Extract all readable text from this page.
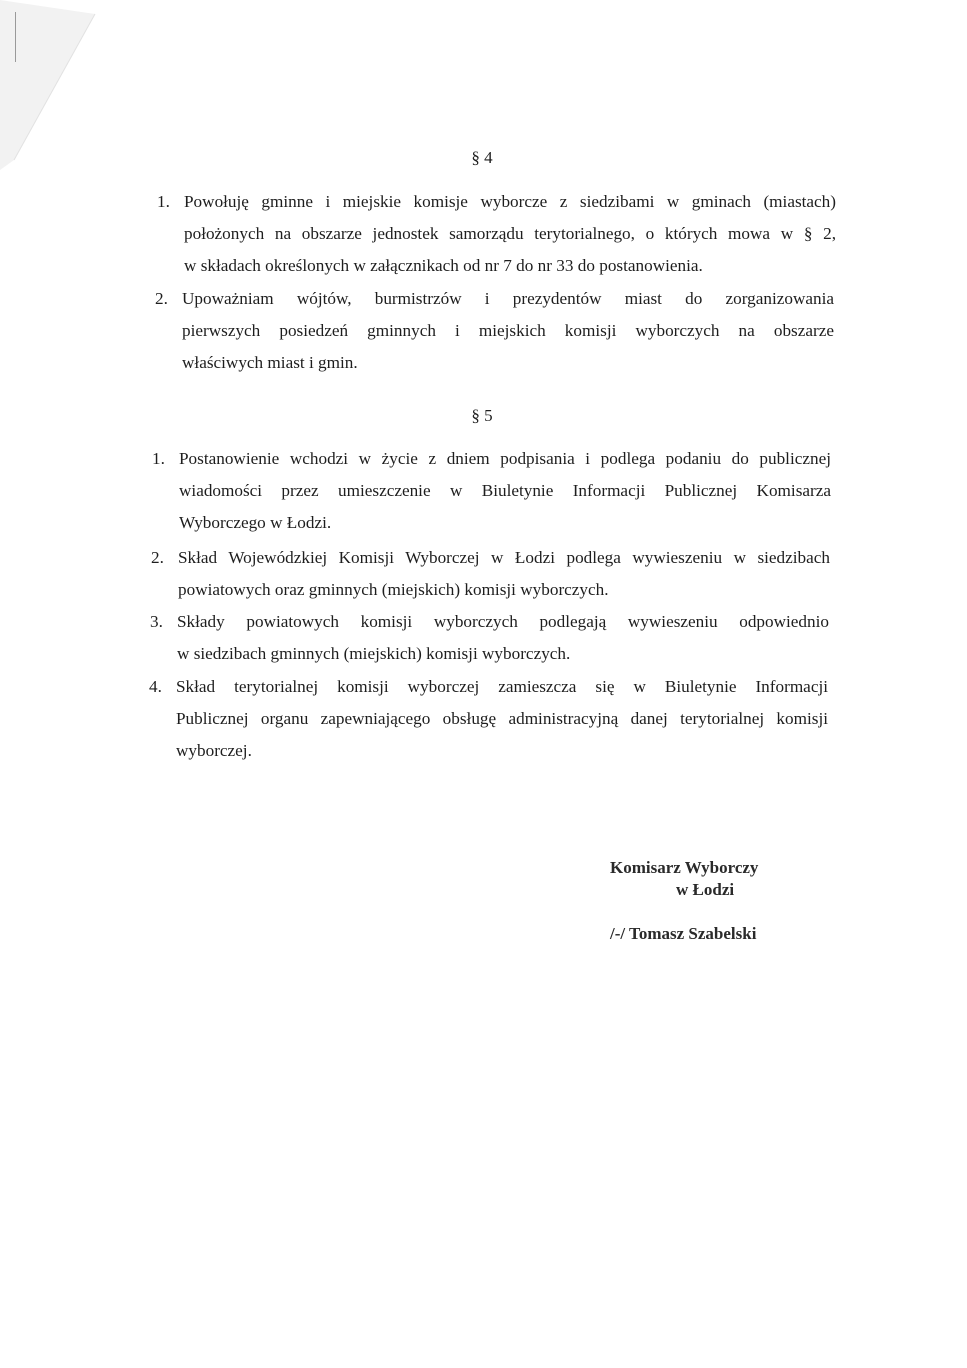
§ 4
1. Powołuję gminne i miejskie komisje wyborcze z siedzibami w gminach (miastach)
położonych na obszarze jednostek samorządu terytorialnego, o których mowa w § 2,
w składach określonych w załącznikach od nr 7 do nr 33 do postanowienia.
2. Upoważniam wójtów, burmistrzów i prezydentów miast do zorganizowania
pierwszych posiedzeń gminnych i miejskich komisji wyborczych na obszarze
właściwych miast i gmin.
§ 5
1. Postanowienie wchodzi w życie z dniem podpisania i podlega podaniu do publicznej
wiadomości przez umieszczenie w Biuletynie Informacji Publicznej Komisarza
Wyborczego w Łodzi.
2. Skład Wojewódzkiej Komisji Wyborczej w Łodzi podlega wywieszeniu w siedzibach
powiatowych oraz gminnych (miejskich) komisji wyborczych.
3. Składy powiatowych komisji wyborczych podlegają wywieszeniu odpowiednio
w siedzibach gminnych (miejskich) komisji wyborczych.
4. Skład terytorialnej komisji wyborczej zamieszcza się w Biuletynie Informacji
Publicznej organu zapewniającego obsługę administracyjną danej terytorialnej komisji
wyborczej.
Komisarz Wyborczy
w Łodzi
/-/ Tomasz Szabelski
